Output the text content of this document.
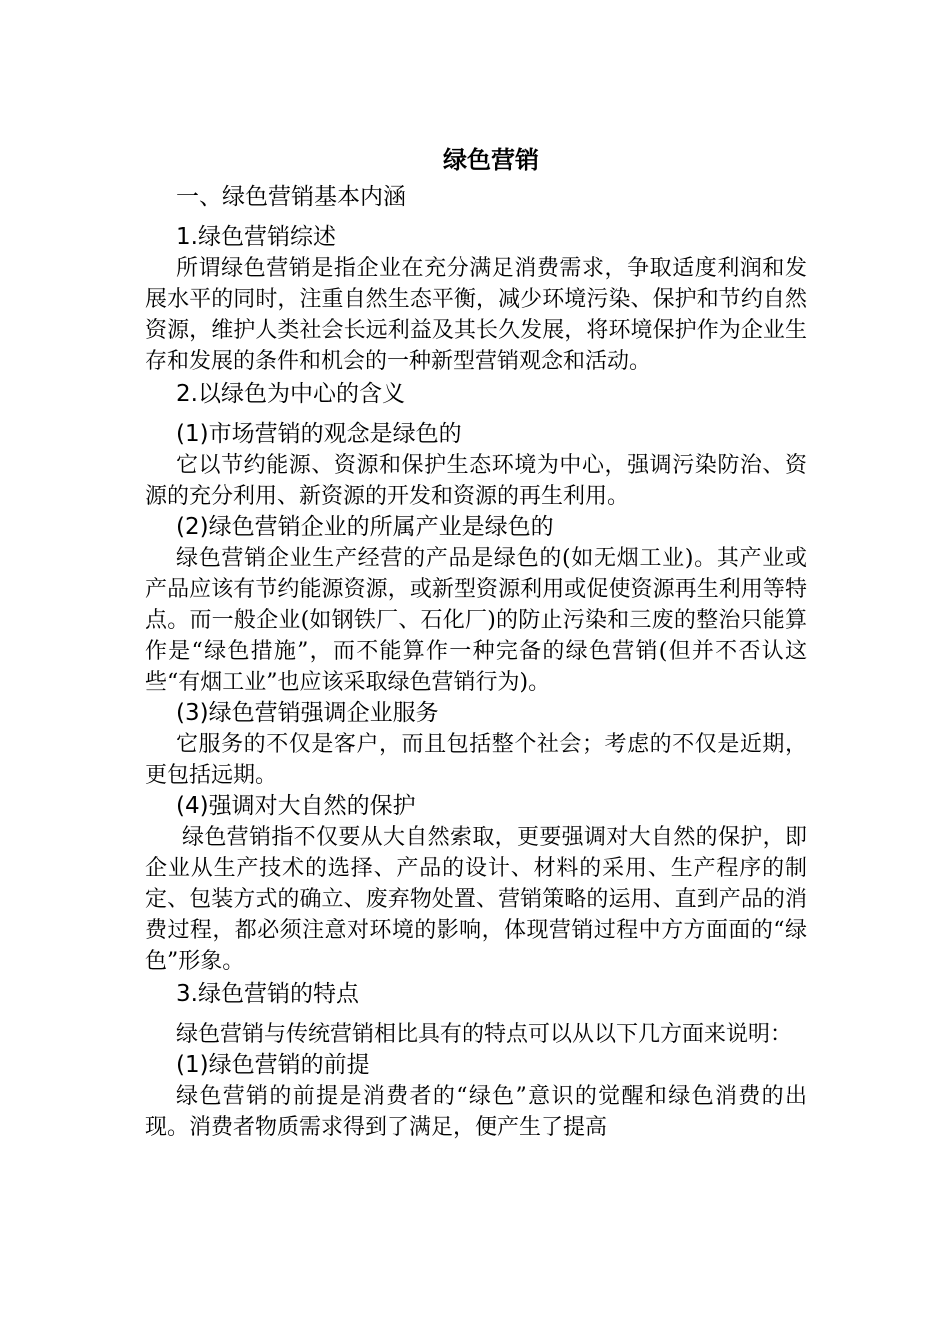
绿色营销
一、绿色营销基本内涵
1.绿色营销综述
所谓绿色营销是指企业在充分满足消费需求，争取适度利润和发展水平的同时，注重自然生态平衡，减少环境污染、保护和节约自然资源，维护人类社会长远利益及其长久发展，将环境保护作为企业生存和发展的条件和机会的一种新型营销观念和活动。
2.以绿色为中心的含义
(1)市场营销的观念是绿色的
它以节约能源、资源和保护生态环境为中心，强调污染防治、资源的充分利用、新资源的开发和资源的再生利用。
(2)绿色营销企业的所属产业是绿色的
绿色营销企业生产经营的产品是绿色的(如无烟工业)。其产业或产品应该有节约能源资源，或新型资源利用或促使资源再生利用等特点。而一般企业(如钢铁厂、石化厂)的防止污染和三废的整治只能算作是“绿色措施”，而不能算作一种完备的绿色营销(但并不否认这些“有烟工业”也应该采取绿色营销行为)。
(3)绿色营销强调企业服务
它服务的不仅是客户，而且包括整个社会；考虑的不仅是近期，更包括远期。
(4)强调对大自然的保护
绿色营销指不仅要从大自然索取，更要强调对大自然的保护，即企业从生产技术的选择、产品的设计、材料的采用、生产程序的制定、包装方式的确立、废弃物处置、营销策略的运用、直到产品的消费过程，都必须注意对环境的影响，体现营销过程中方方面面的“绿色”形象。
3.绿色营销的特点
绿色营销与传统营销相比具有的特点可以从以下几方面来说明：
(1)绿色营销的前提
绿色营销的前提是消费者的“绿色”意识的觉醒和绿色消费的出现。消费者物质需求得到了满足，便产生了提高
